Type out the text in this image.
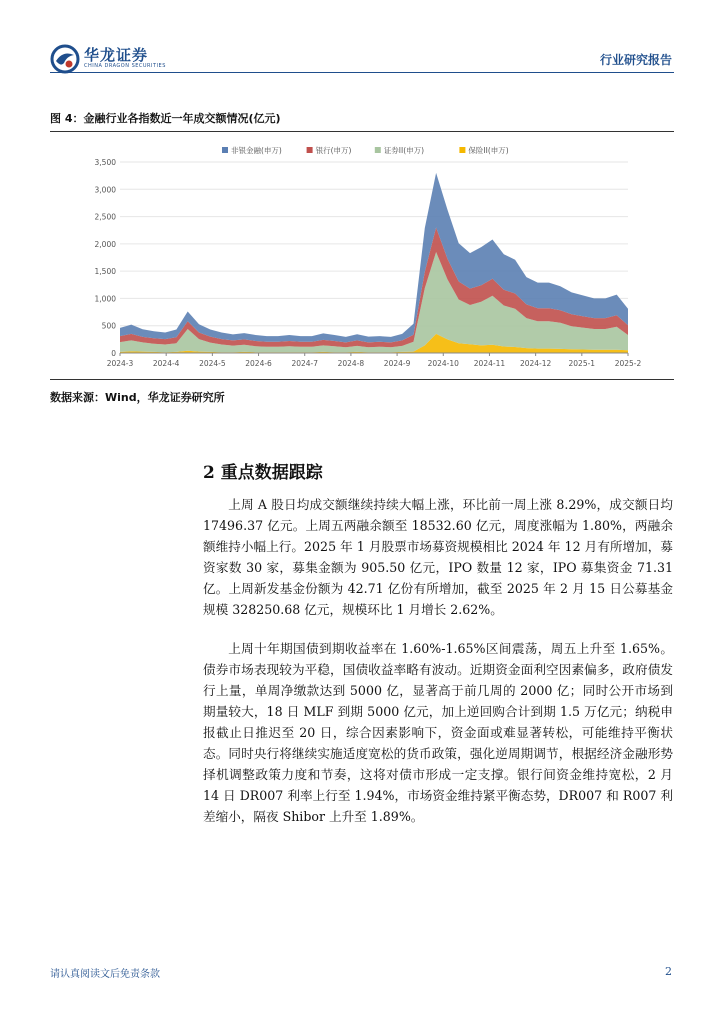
华龙证券
CHINA DRAGON SECURITIES	行业研究报告
图 4：金融行业各指数近一年成交额情况(亿元)
0
500
1,000
1,500
2,000
2,500
3,000
3,500
2024-3	2024-4	2024-5	2024-6	2024-7	2024-8	2024-9 2024-10 2024-11 2024-12 2025-1	2025-2
非银金融(申万)	银行(申万)	证券II(申万)	保险II(申万)
数据来源：Wind，华龙证券研究所
2 重点数据跟踪

上周 A 股日均成交额继续持续大幅上涨，环比前一周上涨 8.29%，成交额日均 17496.37 亿元。上周五两融余额至 18532.60 亿元，周度涨幅为 1.80%，两融余额维持小幅上行。2025 年 1 月股票市场募资规模相比 2024 年 12 月有所增加，募资家数 30 家，募集金额为 905.50 亿元，IPO 数量 12 家，IPO 募集资金 71.31 亿。上周新发基金份额为 42.71 亿份有所增加，截至 2025 年 2 月 15 日公募基金规模 328250.68 亿元，规模环比 1 月增长 2.62%。

上周十年期国债到期收益率在 1.60%-1.65%区间震荡，周五上升至 1.65%。债券市场表现较为平稳，国债收益率略有波动。近期资金面利空因素偏多，政府债发行上量，单周净缴款达到 5000 亿，显著高于前几周的 2000 亿；同时公开市场到期量较大，18 日 MLF 到期 5000 亿元，加上逆回购合计到期 1.5 万亿元；纳税申报截止日推迟至 20 日，综合因素影响下，资金面或难显著转松，可能维持平衡状态。同时央行将继续实施适度宽松的货币政策，强化逆周期调节，根据经济金融形势择机调整政策力度和节奏，这将对债市形成一定支撑。银行间资金维持宽松，2 月 14 日 DR007 利率上行至 1.94%，市场资金维持紧平衡态势，DR007 和 R007 利差缩小，隔夜 Shibor 上升至 1.89%。

请认真阅读文后免责条款	2
